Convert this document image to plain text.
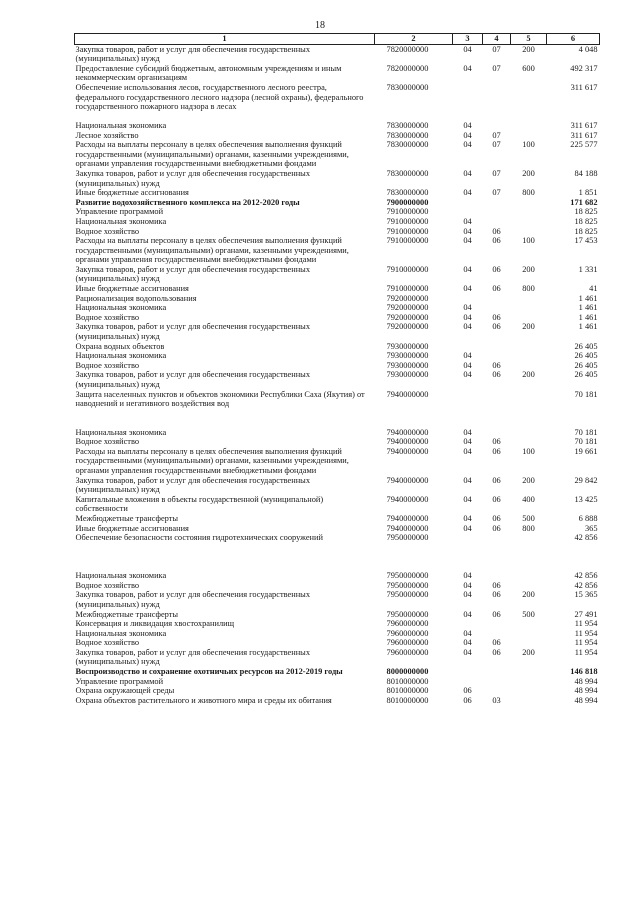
18
1	2	3	4	5	6
Закупка товаров, работ и услуг для обеспечения государственных (муниципальных) нужд	7820000000	04	07	200	4 048
Предоставление субсидий бюджетным, автономным учреждениям и иным некоммерческим организациям	7820000000	04	07	600	492 317
Обеспечение использования лесов, государственного лесного реестра, федерального государственного лесного надзора (лесной охраны), федерального государственного пожарного надзора в лесах	7830000000				311 617
Национальная экономика	7830000000	04			311 617
Лесное хозяйство	7830000000	04	07		311 617
Расходы на выплаты персоналу в целях обеспечения выполнения функций государственными (муниципальными) органами, казенными учреждениями, органами управления государственными внебюджетными фондами	7830000000	04	07	100	225 577
Закупка товаров, работ и услуг для обеспечения государственных (муниципальных) нужд	7830000000	04	07	200	84 188
Иные бюджетные ассигнования	7830000000	04	07	800	1 851
Развитие водохозяйственного комплекса на 2012-2020 годы	7900000000				171 682
Управление программой	7910000000				18 825
Национальная экономика	7910000000	04			18 825
Водное хозяйство	7910000000	04	06		18 825
Расходы на выплаты персоналу в целях обеспечения выполнения функций государственными (муниципальными) органами, казенными учреждениями, органами управления государственными внебюджетными фондами	7910000000	04	06	100	17 453
Закупка товаров, работ и услуг для обеспечения государственных (муниципальных) нужд	7910000000	04	06	200	1 331
Иные бюджетные ассигнования	7910000000	04	06	800	41
Рационализация водопользования	7920000000				1 461
Национальная экономика	7920000000	04			1 461
Водное хозяйство	7920000000	04	06		1 461
Закупка товаров, работ и услуг для обеспечения государственных (муниципальных) нужд	7920000000	04	06	200	1 461
Охрана водных объектов	7930000000				26 405
Национальная экономика	7930000000	04			26 405
Водное хозяйство	7930000000	04	06		26 405
Закупка товаров, работ и услуг для обеспечения государственных (муниципальных) нужд	7930000000	04	06	200	26 405
Защита населенных пунктов и объектов экономики Республики Саха (Якутия) от наводнений и негативного воздействия вод	7940000000				70 181
Национальная экономика	7940000000	04			70 181
Водное хозяйство	7940000000	04	06		70 181
Расходы на выплаты персоналу в целях обеспечения выполнения функций государственными (муниципальными) органами, казенными учреждениями, органами управления государственными внебюджетными фондами	7940000000	04	06	100	19 661
Закупка товаров, работ и услуг для обеспечения государственных (муниципальных) нужд	7940000000	04	06	200	29 842
Капитальные вложения в объекты государственной (муниципальной) собственности	7940000000	04	06	400	13 425
Межбюджетные трансферты	7940000000	04	06	500	6 888
Иные бюджетные ассигнования	7940000000	04	06	800	365
Обеспечение безопасности состояния гидротехнических сооружений	7950000000				42 856
Национальная экономика	7950000000	04			42 856
Водное хозяйство	7950000000	04	06		42 856
Закупка товаров, работ и услуг для обеспечения государственных (муниципальных) нужд	7950000000	04	06	200	15 365
Межбюджетные трансферты	7950000000	04	06	500	27 491
Консервация и ликвидация хвостохранилищ	7960000000				11 954
Национальная экономика	7960000000	04			11 954
Водное хозяйство	7960000000	04	06		11 954
Закупка товаров, работ и услуг для обеспечения государственных (муниципальных) нужд	7960000000	04	06	200	11 954
Воспроизводство и сохранение охотничьих ресурсов на 2012-2019 годы	8000000000				146 818
Управление программой	8010000000				48 994
Охрана окружающей среды	8010000000	06			48 994
Охрана объектов растительного и животного мира и среды их обитания	8010000000	06	03		48 994
